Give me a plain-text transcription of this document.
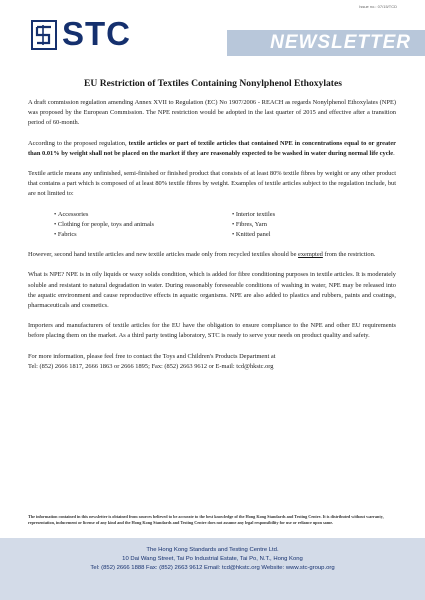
Issue no.: 07/15/TCD
STC	NEWSLETTER
EU Restriction of Textiles Containing Nonylphenol Ethoxylates

A draft commission regulation amending Annex XVII to Regulation (EC) No 1907/2006 - REACH as regards Nonylphenol Ethoxylates (NPE) was proposed by the European Commission. The NPE restriction would be adopted in the last quarter of 2015 and effective after a transition period of 60-month.

According to the proposed regulation, textile articles or part of textile articles that contained NPE in concentrations equal to or greater than 0.01% by weight shall not be placed on the market if they are reasonably expected to be washed in water during normal life cycle.

Textile article means any unfinished, semi-finished or finished product that consists of at least 80% textile fibres by weight or any other product that contains a part which is composed of at least 80% textile fibres by weight. Examples of textile articles subject to the regulation include, but are not limited to:

• Accessories
• Clothing for people, toys and animals
• Fabrics
• Interior textiles
• Fibres, Yarn
• Knitted panel

However, second hand textile articles and new textile articles made only from recycled textiles should be exempted from the restriction.

What is NPE? NPE is in oily liquids or waxy solids condition, which is added for fibre conditioning purposes in textile articles. It is moderately soluble and resistant to natural degradation in water. During reasonably foreseeable conditions of washing in water, NPE may be released into the aquatic environment and cause reproductive effects in aquatic organisms. NPE are also added to plastics and rubbers, paints and coatings, pharmaceuticals and cosmetics.

Importers and manufacturers of textile articles for the EU have the obligation to ensure compliance to the NPE and other EU requirements before placing them on the market. As a third party testing laboratory, STC is ready to serve your needs on product quality and safety.

For more information, please feel free to contact the Toys and Children's Products Department at
Tel: (852) 2666 1817, 2666 1863 or 2666 1895; Fax: (852) 2663 9612 or E-mail: tcd@hkstc.org

The information contained in this newsletter is obtained from sources believed to be accurate to the best knowledge of the Hong Kong Standards and Testing Centre. It is distributed without warranty, representation, inducement or license of any kind and the Hong Kong Standards and Testing Centre does not assume any legal responsibility for use or reliance upon same.
The Hong Kong Standards and Testing Centre Ltd.
10 Dai Wang Street, Tai Po Industrial Estate, Tai Po, N.T., Hong Kong
Tel: (852) 2666 1888 Fax: (852) 2663 9612 Email: tcd@hkstc.org Website: www.stc-group.org
